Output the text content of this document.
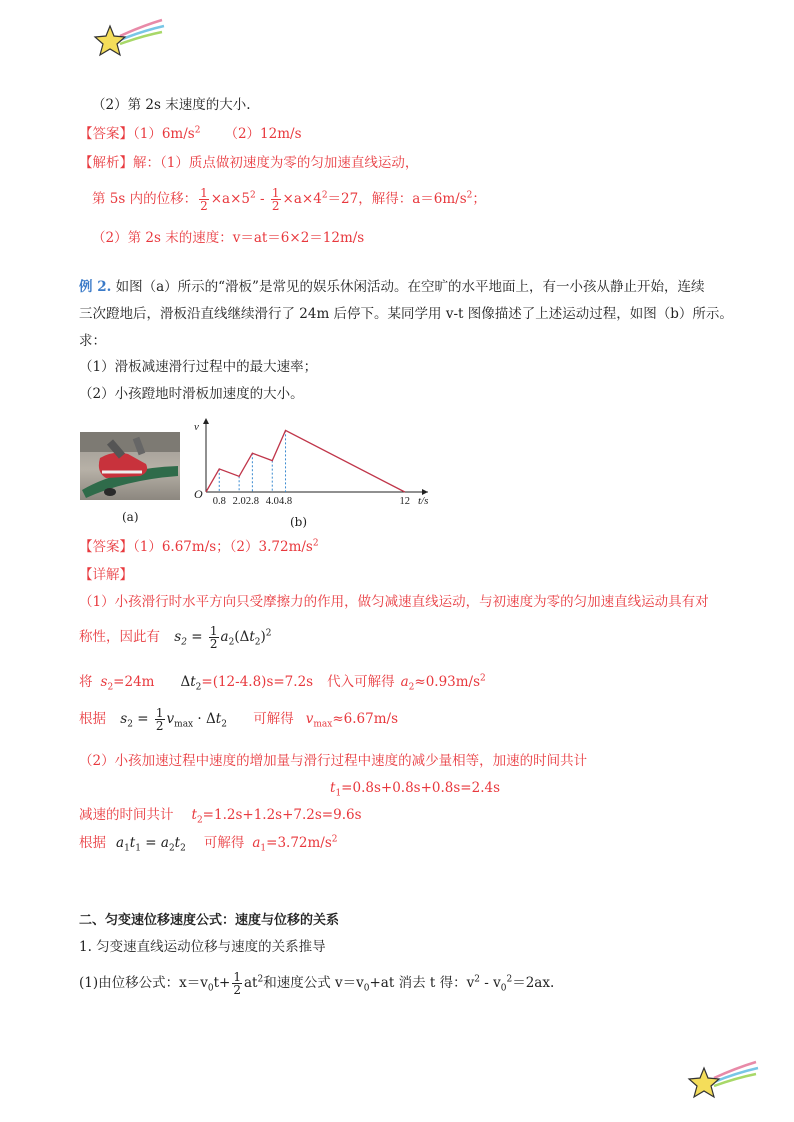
（2）第 2s 末速度的大小.
【答案】$(1)6m/s^2$ （2）12m/s
【解析】解：（1）质点做初速度为零的匀加速直线运动，
第 5s 内的位移： $\frac{1}{2} \times a\times 5^2 - \frac{1}{2} \times a\times 4^2=27$，解得：$a=6m/s^2$；
（2）第 2s 末的速度：v＝at＝6×2＝12m/s
例 2. 如图（a）所示的“滑板”是常见的娱乐休闲活动。在空旷的水平地面上，有一小孩从静止开始，连续
三次蹬地后，滑板沿直线继续滑行了 24m 后停下。某同学用 v-t 图像描述了上述运动过程，如图（b）所示。
求：
（1）滑板减速滑行过程中的最大速率；
（2）小孩蹬地时滑板加速度的大小。
(a)
0.8 2.0 2.8 4.0 4.8	12
O
v
t/s
(b)
【答案】（1）6.67m/s；$(2)3.72m/s^2$
【详解】
（1）小孩滑行时水平方向只受摩擦力的作用，做匀减速直线运动，与初速度为零的匀加速直线运动具有对
称性，因此有 $s_2 = \frac{1}{2} a_2(\Delta t_2)^2$
将 $s_2=24m$ $\Delta t_2=(12-4.8)s=7.2s$ 代入可解得 $a_2\approx 0.93m/s^2$
根据 $s_2 = \frac{1}{2} v_{max} \cdot \Delta t_2$ 可解得 $v_{max}\approx 6.67m/s$
（2）小孩加速过程中速度的增加量与滑行过程中速度的减少量相等，加速的时间共计
$t_1=0.8s+0.8s+0.8s=2.4s$
减速的时间共计 $t_2=1.2s+1.2s+7.2s=9.6s$
根据 $a_1t_1 = a_2t_2$ 可解得 $a_1=3.72m/s^2$
二、匀变速位移速度公式：速度与位移的关系
1. 匀变速直线运动位移与速度的关系推导
(1)由位移公式：$x=v_0t+ \frac{1}{2} at^2$和速度公式 $v=v_0+at$ 消去 t 得：$v^2 - v_0^2=2ax$.
